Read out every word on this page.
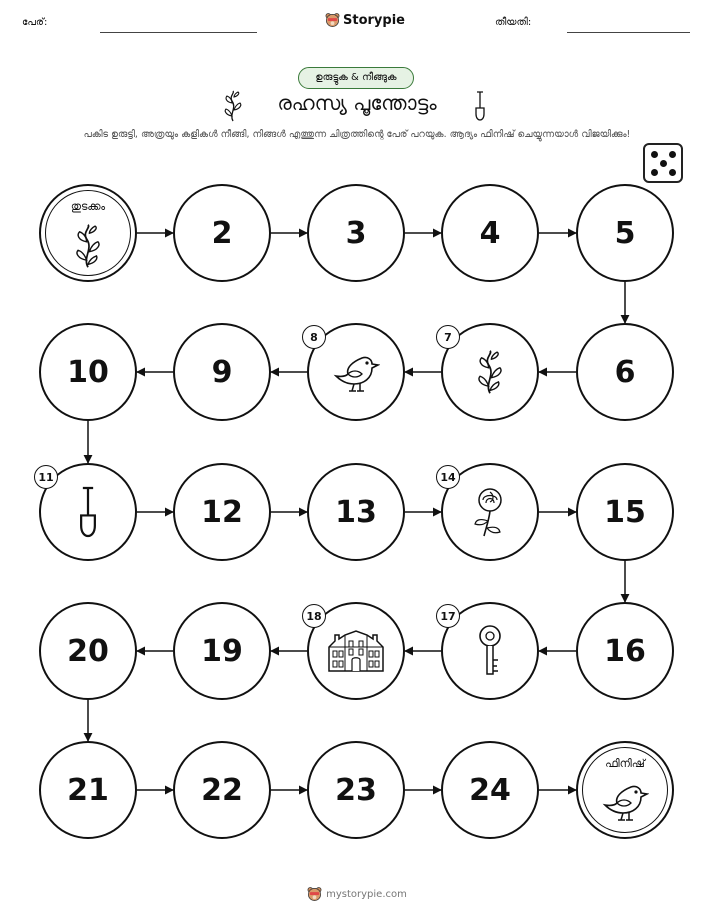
പേര്:	Storypie	തീയതി:
ഉരുട്ടുക & നീങ്ങുക
രഹസ്യ പൂന്തോട്ടം
പകിട ഉരുട്ടി, അത്രയും കളികൾ നീങ്ങി, നിങ്ങൾ എത്തുന്ന ചിത്രത്തിന്റെ പേര് പറയുക. ആദ്യം ഫിനിഷ് ചെയ്യുന്നയാൾ വിജയിക്കും!
ഫിനിഷ്
24
23
22
21
20	19	16
15
13
12
10	9	6
5
4
3
2
തുടക്കം
7
8
11	14
17
18
mystorypie.com
